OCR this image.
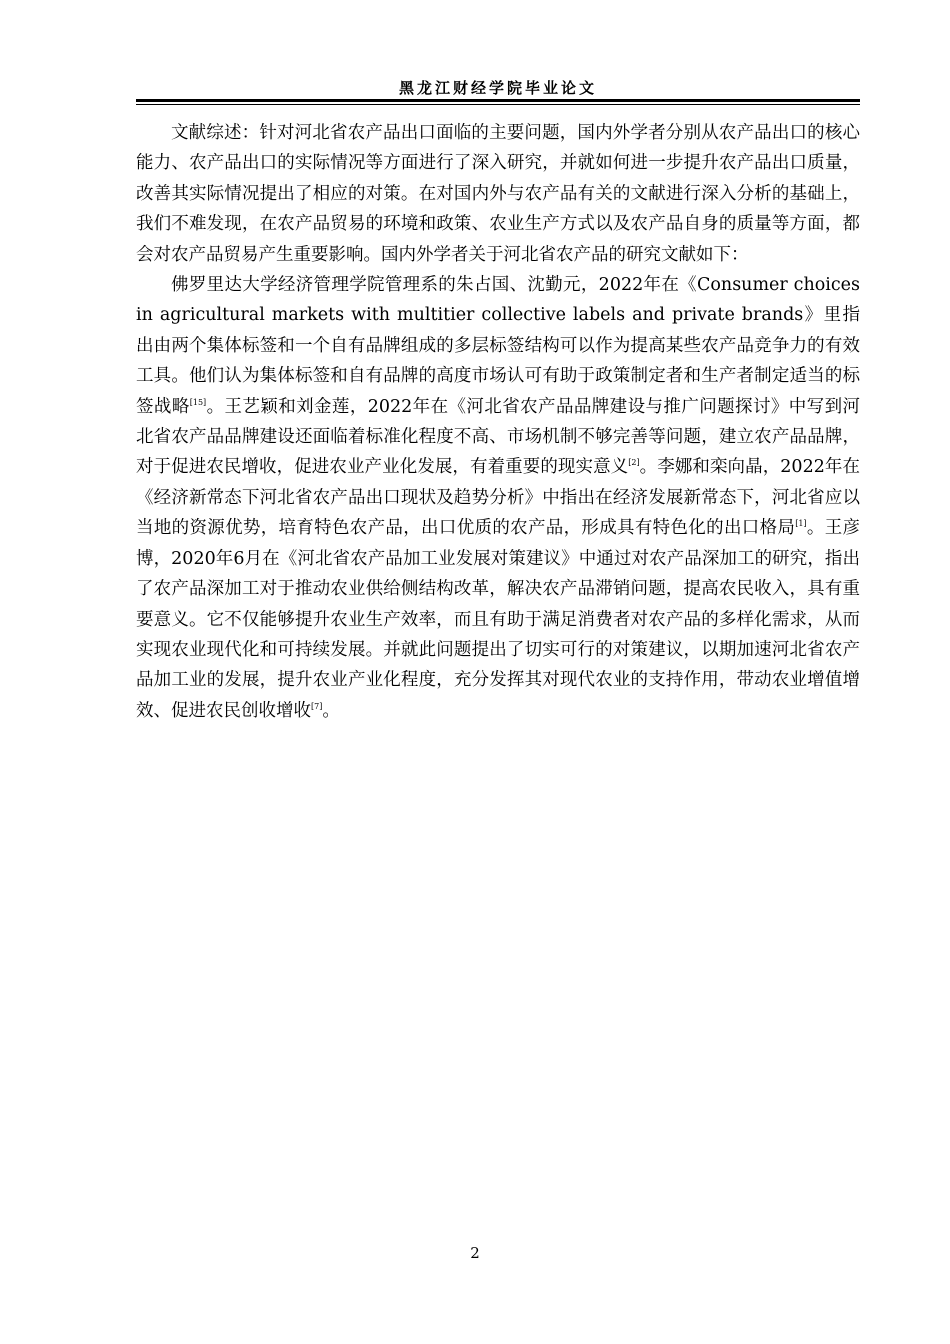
黑龙江财经学院毕业论文

文献综述：针对河北省农产品出口面临的主要问题，国内外学者分别从农产品出口的核心能力、农产品出口的实际情况等方面进行了深入研究，并就如何进一步提升农产品出口质量，改善其实际情况提出了相应的对策。在对国内外与农产品有关的文献进行深入分析的基础上，我们不难发现，在农产品贸易的环境和政策、农业生产方式以及农产品自身的质量等方面，都会对农产品贸易产生重要影响。国内外学者关于河北省农产品的研究文献如下：

佛罗里达大学经济管理学院管理系的朱占国、沈勤元，2022年在《Consumer choices in agricultural markets with multitier collective labels and private brands》里指出由两个集体标签和一个自有品牌组成的多层标签结构可以作为提高某些农产品竞争力的有效工具。他们认为集体标签和自有品牌的高度市场认可有助于政策制定者和生产者制定适当的标签战略[15]。王艺颖和刘金莲，2022年在《河北省农产品品牌建设与推广问题探讨》中写到河北省农产品品牌建设还面临着标准化程度不高、市场机制不够完善等问题，建立农产品品牌，对于促进农民增收，促进农业产业化发展，有着重要的现实意义[2]。李娜和栾向晶，2022年在《经济新常态下河北省农产品出口现状及趋势分析》中指出在经济发展新常态下，河北省应以当地的资源优势，培育特色农产品，出口优质的农产品，形成具有特色化的出口格局[1]。王彦博，2020年6月在《河北省农产品加工业发展对策建议》中通过对农产品深加工的研究，指出了农产品深加工对于推动农业供给侧结构改革，解决农产品滞销问题，提高农民收入，具有重要意义。它不仅能够提升农业生产效率，而且有助于满足消费者对农产品的多样化需求，从而实现农业现代化和可持续发展。并就此问题提出了切实可行的对策建议，以期加速河北省农产品加工业的发展，提升农业产业化程度，充分发挥其对现代农业的支持作用，带动农业增值增效、促进农民创收增收[7]。

2
